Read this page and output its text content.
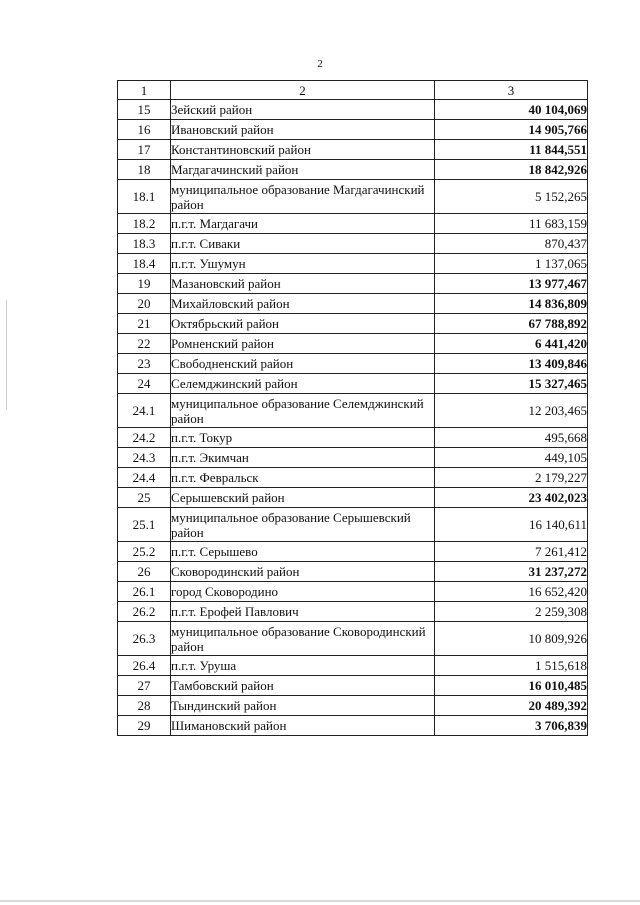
2
1	2	3
15	Зейский район	40 104,069
16	Ивановский район	14 905,766
17	Константиновский район	11 844,551
18	Магдагачинский район	18 842,926
18.1	муниципальное образование Магдагачинский район	5 152,265
18.2	п.г.т. Магдагачи	11 683,159
18.3	п.г.т. Сиваки	870,437
18.4	п.г.т. Ушумун	1 137,065
19	Мазановский район	13 977,467
20	Михайловский район	14 836,809
21	Октябрьский район	67 788,892
22	Ромненский район	6 441,420
23	Свободненский район	13 409,846
24	Селемджинский район	15 327,465
24.1	муниципальное образование Селемджинский район	12 203,465
24.2	п.г.т. Токур	495,668
24.3	п.г.т. Экимчан	449,105
24.4	п.г.т. Февральск	2 179,227
25	Серышевский район	23 402,023
25.1	муниципальное образование Серышевский район	16 140,611
25.2	п.г.т. Серышево	7 261,412
26	Сковородинский район	31 237,272
26.1	город Сковородино	16 652,420
26.2	п.г.т. Ерофей Павлович	2 259,308
26.3	муниципальное образование Сковородинский район	10 809,926
26.4	п.г.т. Уруша	1 515,618
27	Тамбовский район	16 010,485
28	Тындинский район	20 489,392
29	Шимановский район	3 706,839
